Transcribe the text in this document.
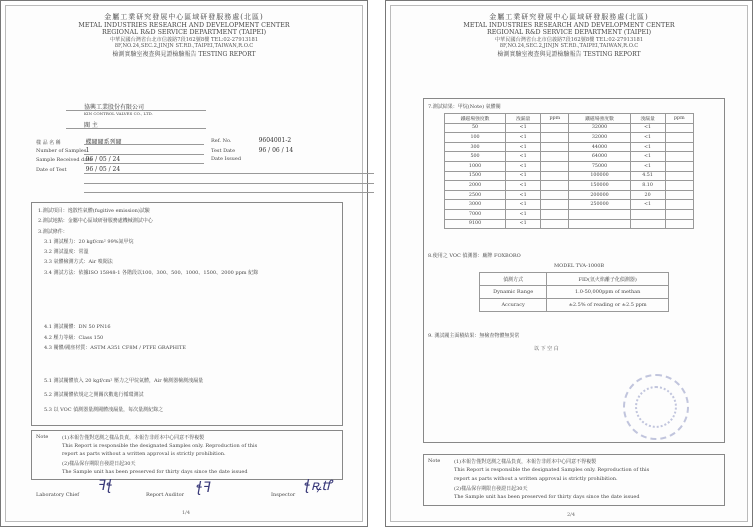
金屬工業研究發展中心區域研發服務處(北區)
METAL INDUSTRIES RESEARCH AND DEVELOPMENT CENTER
REGIONAL R&D SERVICE DEPARTMENT (TAIPEI)
中華民國台灣省台北市信義路7段162號8樓 TEL:02-27913181
8F,NO.24,SEC.2,JINJN ST.RD.,TAIPEI,TAIWAN,R.O.C
檢測實驗室複查與見證檢驗報告 TESTING REPORT
協興工業股份有限公司
KIN CONTROL VALVES CO., LTD.
閥 主
樣 品 名 稱	蝶閥閥系列閥
Number of Samples 1
Sample Received date 96 / 05 / 24
Date of Test	96 / 05 / 24
Ref. No.	9604001-2
Test Date	96 / 06 / 14
Date Issued
1.測試項目：逸散性氣體(fugitive emission)試驗
2.測試地點：金屬中心區域研發服務處機械測試中心
3.測試條件：
3.1 測試壓力：20 kgf/cm² 99%氮甲烷
3.2 測試溫度：常溫
3.3 氣體檢測方式：Air 嗅聞法
3.4 測試方法：依據ISO 15848-1 各階段以100、300、500、1000、1500、2000 ppm 紀錄
4.1 測試閥體：DN 50 PN16
4.2 壓力等級：Class 150
4.3 閥體/閥座材質：ASTM A351 CF8M / PTFE GRAPHITE
5.1 測試閥體放入 20 kgf/cm² 壓力之甲烷氣體，Air 檢測器檢測洩漏量
5.2 測試閥體依規定之開關次數進行循環測試
5.3 以 VOC 偵測器量測閥體洩漏量，每次量測紀錄之
Note	(1)本報告僅對送測之樣品負責，本報告非經本中心同意不得複製
This Report is responsible the designated Samples only. Reproduction of this
report as parts without a written approval is strictly prohibition.
(2)樣品保存期限自發證日起30天
The Sample unit has been preserved for thirty days since the date issued
Laboratory Chief	Report Auditor	Inspector
ꟻꞎ	ꞎꟻ	ꞎꝶꝷ
1/4
金屬工業研究發展中心區域研發服務處(北區)
METAL INDUSTRIES RESEARCH AND DEVELOPMENT CENTER
REGIONAL R&D SERVICE DEPARTMENT (TAIPEI)
中華民國台灣省台北市信義路7段162號8樓 TEL:02-27913181
8F,NO.24,SEC.2,JINJN ST.RD.,TAIPEI,TAIWAN,R.O.C
檢測實驗室複查與見證檢驗報告 TESTING REPORT
7.測試結果：甲烷(Note) 氣體閥
鐵磁場強度數	洩漏量	ppm	鐵磁場強度數	洩漏量	ppm
50	<1		32000	<1	
100	<1		32000	<1	
300	<1		44000	<1	
500	<1		64000	<1	
1000	<1		75000	<1	
1500	<1		100000	4.51	
2000	<1		150000	8.10	
2500	<1		200000	20	
3000	<1		250000	<1	
7000	<1				
9100	<1				
8.使用之 VOC 偵測器：廠牌 FOXBORO
MODEL TVA-1000B
偵測方式	FID(氫火焰離子化偵測器)
Dynamic Range	1.0-50,000ppm of methan
Accuracy	±2.5% of reading or ±2.5 ppm
9. 測試閥主面積結果：無檢查物體無異常
以 下 空 白
Note	(1)本報告僅對送測之樣品負責，本報告非經本中心同意不得複製
This Report is responsible the designated Samples only. Reproduction of this
report as parts without a written approval is strictly prohibition.
(2)樣品保存期限自發證日起30天
The Sample unit has been preserved for thirty days since the date issued
2/4
